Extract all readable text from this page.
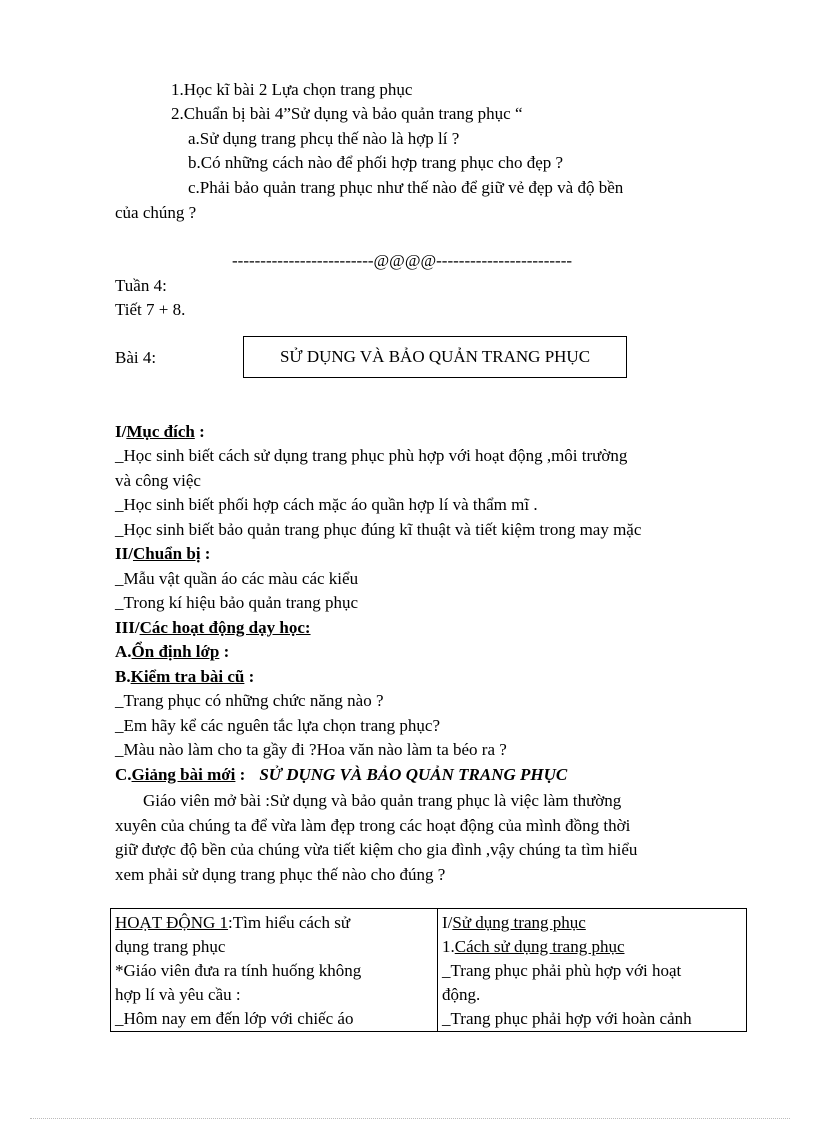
1.Học kĩ bài 2 Lựa chọn trang phục
2.Chuẩn bị bài 4”Sử dụng và bảo quản trang phục “
a.Sử dụng trang phcụ thế nào là hợp lí ?
b.Có những cách nào để phối hợp trang phục cho đẹp ?
c.Phải bảo quản trang phục như thế nào để giữ vẻ đẹp và độ bền
của chúng ?
-------------------------@@@@------------------------
Tuần 4:
Tiết 7 + 8.
Bài 4:	SỬ DỤNG VÀ BẢO QUẢN TRANG PHỤC
I/Mục đích :
_Học sinh biết cách sử dụng trang phục phù hợp với hoạt động ,môi trường
và công việc
_Học sinh biết phối hợp cách mặc áo quần hợp lí và thẩm mĩ .
_Học sinh biết bảo quản trang phục đúng kĩ thuật và tiết kiệm trong may mặc
II/Chuẩn bị :
_Mẫu vật quần áo các màu các kiểu
_Trong kí hiệu bảo quản trang phục
III/Các hoạt động dạy học:
A.Ổn định lớp :
B.Kiểm tra bài cũ :
_Trang phục có những chức năng nào ?
_Em hãy kể các nguên tắc lựa chọn trang phục?
_Màu nào làm cho ta gầy đi ?Hoa văn nào làm ta béo ra ?
C.Giảng bài mới : SỬ DỤNG VÀ BẢO QUẢN TRANG PHỤC
Giáo viên mở bài :Sử dụng và bảo quản trang phục là việc làm thường
xuyên của chúng ta để vừa làm đẹp trong các hoạt động của mình đồng thời
giữ được độ bền của chúng vừa tiết kiệm cho gia đình ,vậy chúng ta tìm hiểu
xem phải sử dụng trang phục thế nào cho đúng ?
HOẠT ĐỘNG 1:Tìm hiểu cách sử
dụng trang phục
*Giáo viên đưa ra tính huống không
hợp lí và yêu cầu :
_Hôm nay em đến lớp với chiếc áo

I/Sử dụng trang phục
1.Cách sử dụng trang phục
_Trang phục phải phù hợp với hoạt
động.
_Trang phục phải hợp với hoàn cảnh
